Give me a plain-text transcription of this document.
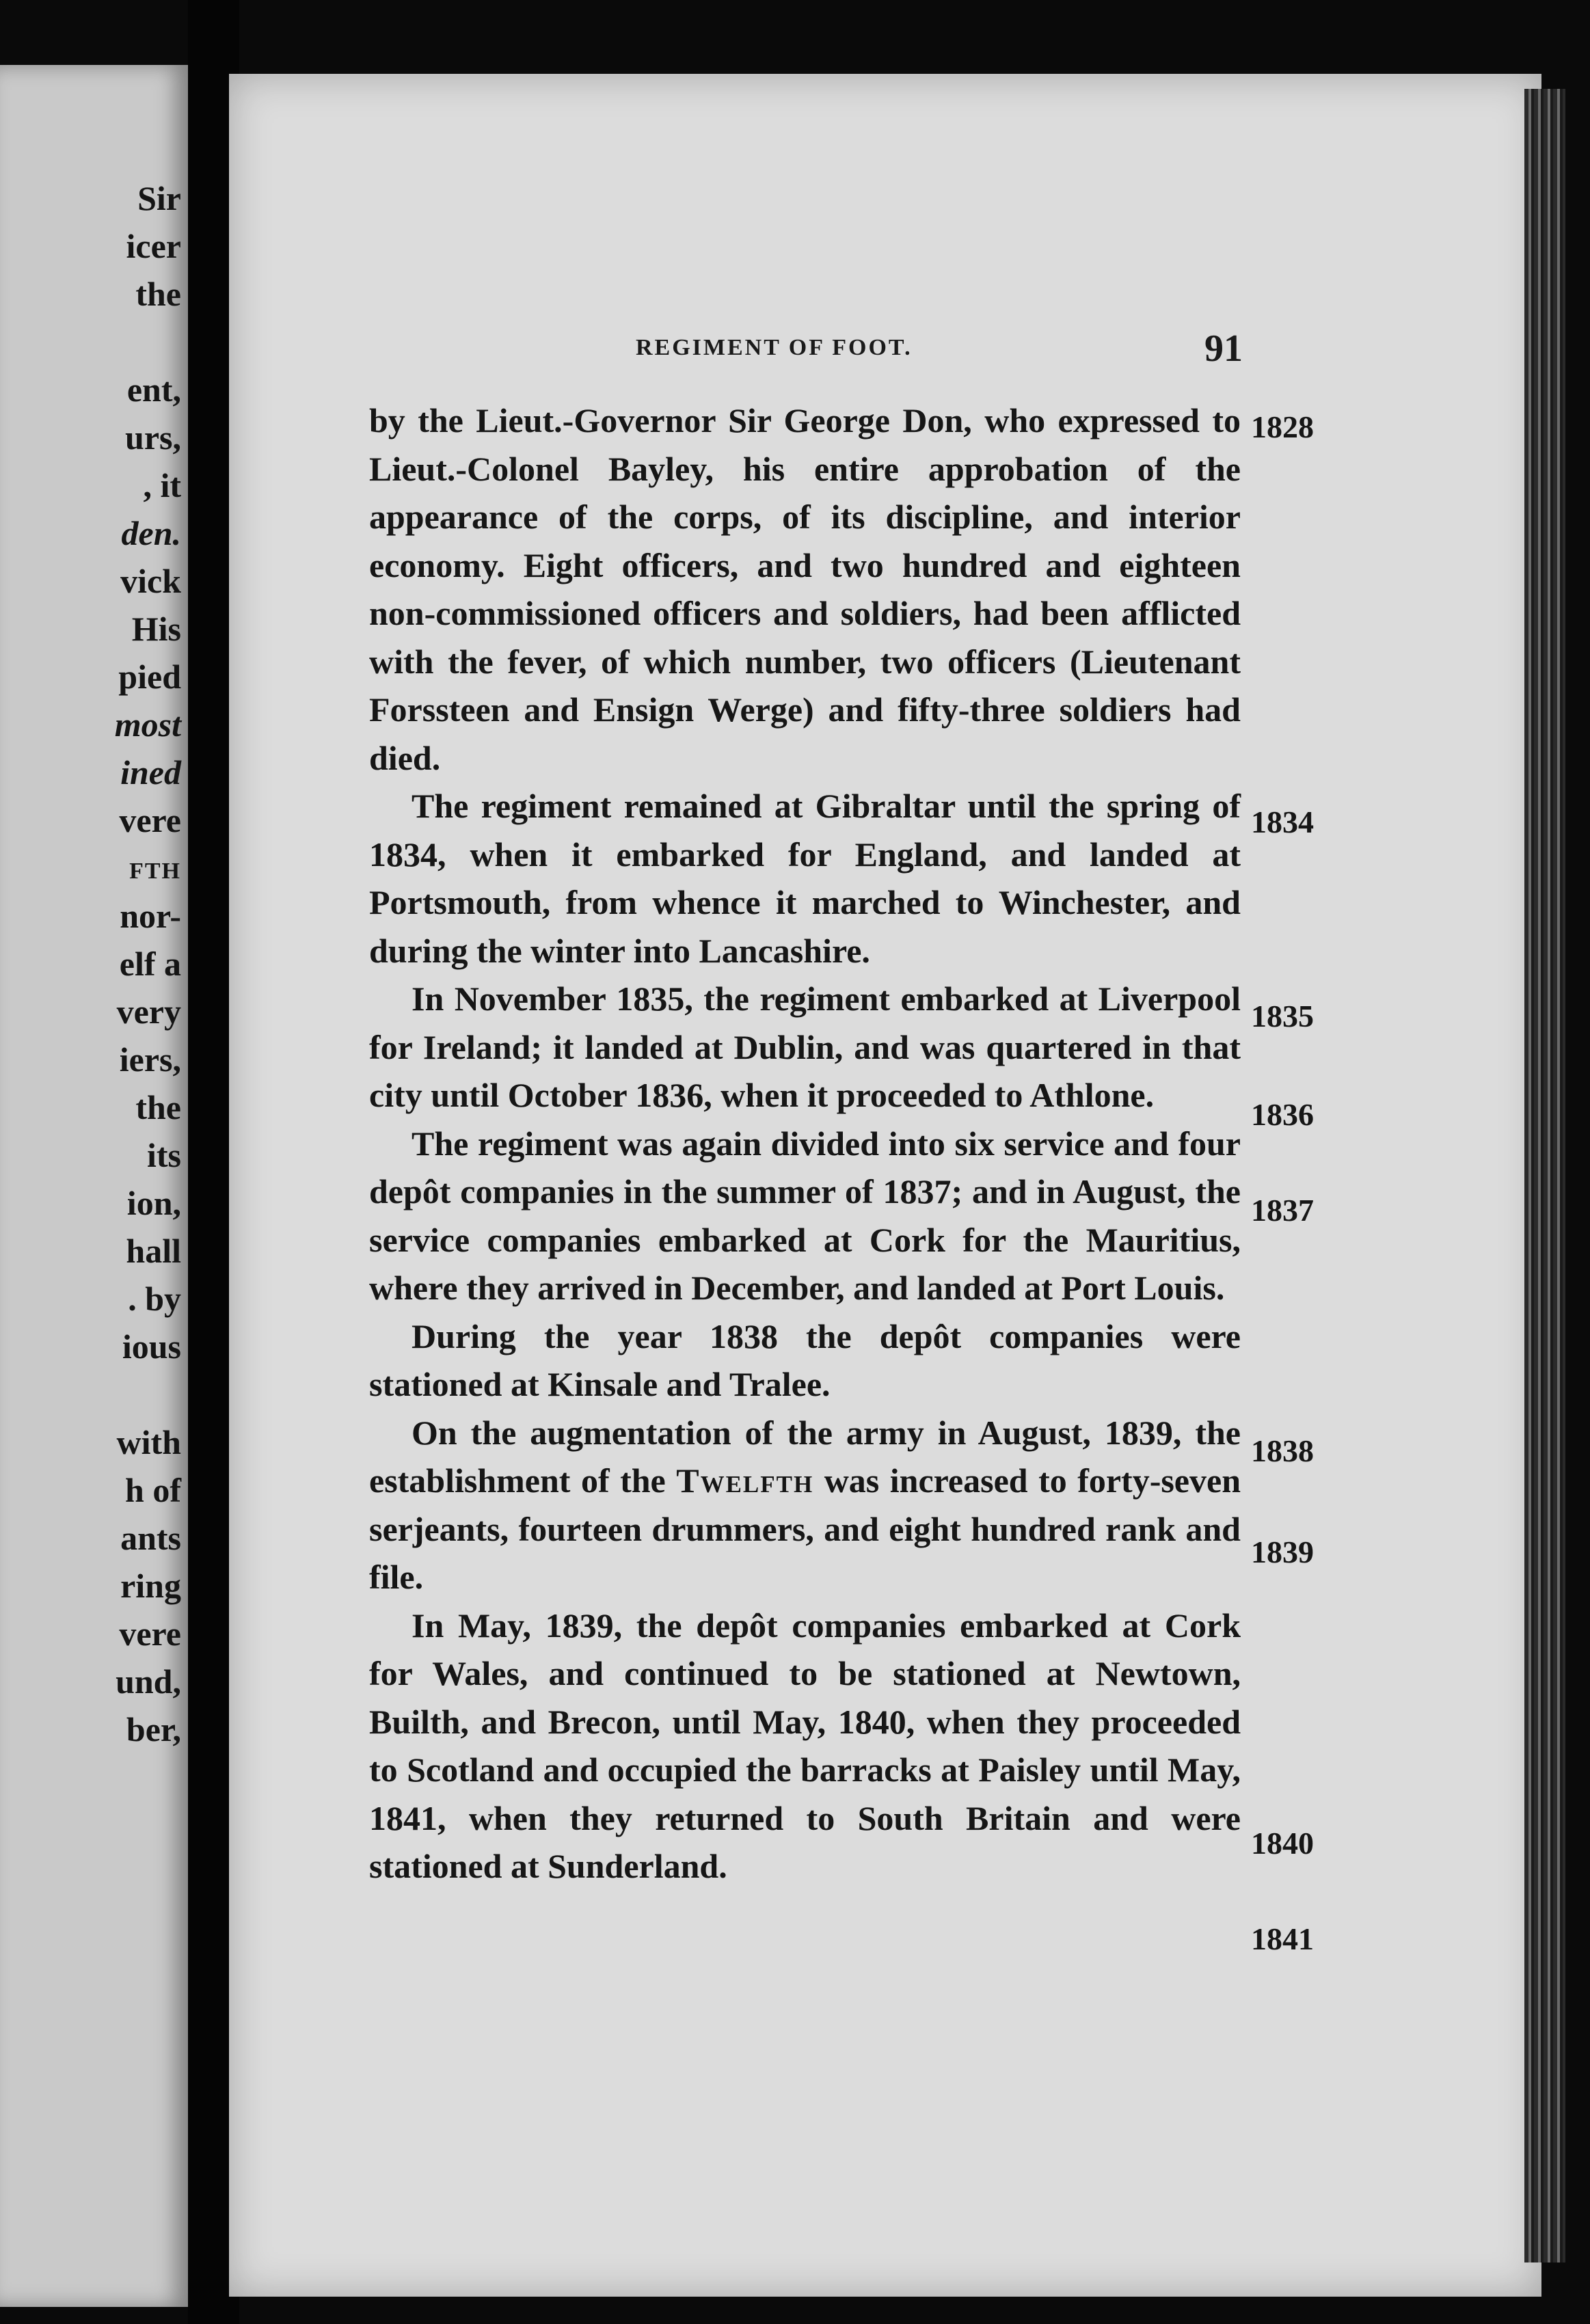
Sir
icer
the
ent,
urs,
, it
den.
vick
His
pied
most
ined
vere
FTH
nor-
elf a
very
iers,
the
its
ion,
hall
. by
ious
with
h of
ants
ring
vere
und,
ber,
REGIMENT OF FOOT.	91

by the Lieut.-Governor Sir George Don, who expressed to Lieut.-Colonel Bayley, his entire approbation of the appearance of the corps, of its discipline, and interior economy. Eight officers, and two hundred and eighteen non-commissioned officers and soldiers, had been afflicted with the fever, of which number, two officers (Lieutenant Forssteen and Ensign Werge) and fifty-three soldiers had died.

The regiment remained at Gibraltar until the spring of 1834, when it embarked for England, and landed at Portsmouth, from whence it marched to Winchester, and during the winter into Lancashire.

In November 1835, the regiment embarked at Liverpool for Ireland; it landed at Dublin, and was quartered in that city until October 1836, when it proceeded to Athlone.

The regiment was again divided into six service and four depôt companies in the summer of 1837; and in August, the service companies embarked at Cork for the Mauritius, where they arrived in December, and landed at Port Louis.

During the year 1838 the depôt companies were stationed at Kinsale and Tralee.

On the augmentation of the army in August, 1839, the establishment of the Twelfth was increased to forty-seven serjeants, fourteen drummers, and eight hundred rank and file.

In May, 1839, the depôt companies embarked at Cork for Wales, and continued to be stationed at Newtown, Builth, and Brecon, until May, 1840, when they proceeded to Scotland and occupied the barracks at Paisley until May, 1841, when they returned to South Britain and were stationed at Sunderland.

1828
1834
1835
1836
1837
1838
1839
1840
1841
